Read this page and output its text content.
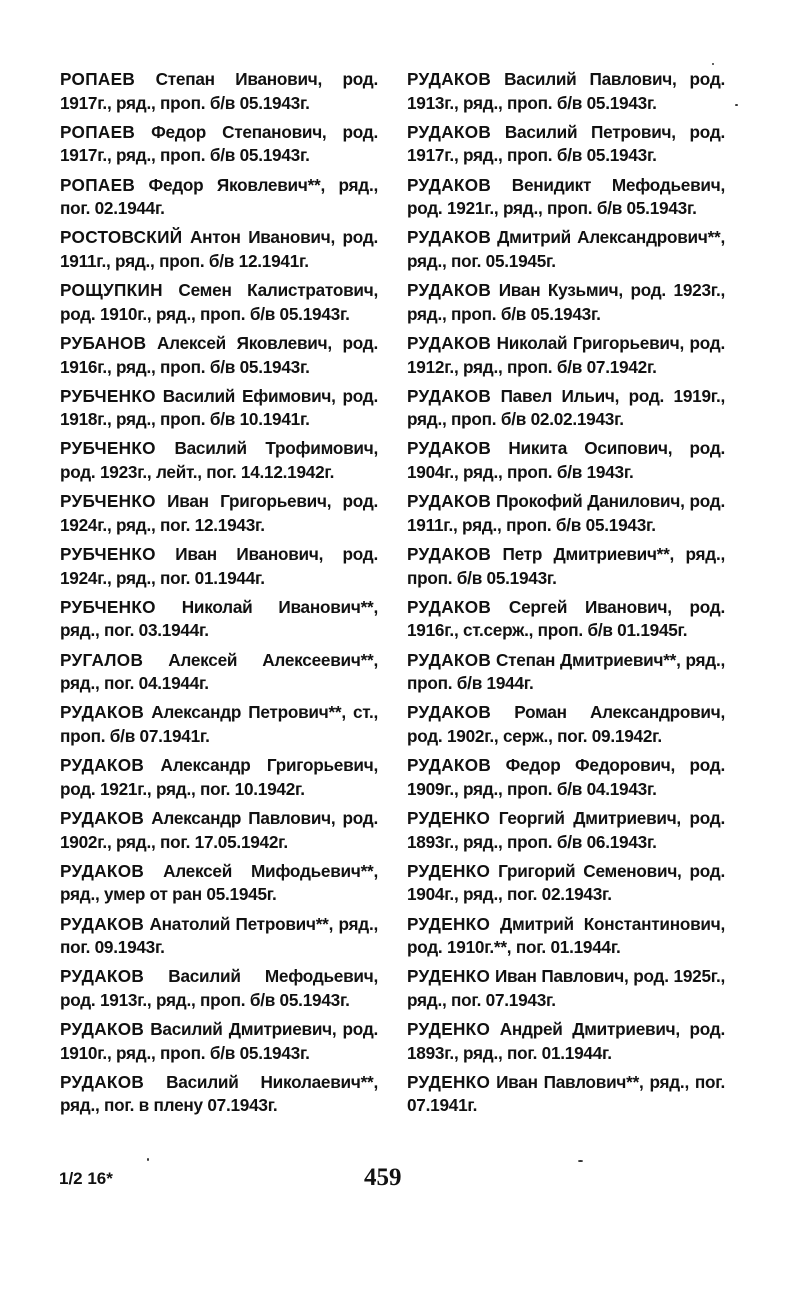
РОПАЕВ Степан Иванович, род. 1917г., ряд., проп. б/в 05.1943г.

РОПАЕВ Федор Степанович, род. 1917г., ряд., проп. б/в 05.1943г.

РОПАЕВ Федор Яковлевич**, ряд., пог. 02.1944г.

РОСТОВСКИЙ Антон Иванович, род. 1911г., ряд., проп. б/в 12.1941г.

РОЩУПКИН Семен Калистратович, род. 1910г., ряд., проп. б/в 05.1943г.

РУБАНОВ Алексей Яковлевич, род. 1916г., ряд., проп. б/в 05.1943г.

РУБЧЕНКО Василий Ефимович, род. 1918г., ряд., проп. б/в 10.1941г.

РУБЧЕНКО Василий Трофимович, род. 1923г., лейт., пог. 14.12.1942г.

РУБЧЕНКО Иван Григорьевич, род. 1924г., ряд., пог. 12.1943г.

РУБЧЕНКО Иван Иванович, род. 1924г., ряд., пог. 01.1944г.

РУБЧЕНКО Николай Иванович**, ряд., пог. 03.1944г.

РУГАЛОВ Алексей Алексеевич**, ряд., пог. 04.1944г.

РУДАКОВ Александр Петрович**, ст., проп. б/в 07.1941г.

РУДАКОВ Александр Григорьевич, род. 1921г., ряд., пог. 10.1942г.

РУДАКОВ Александр Павлович, род. 1902г., ряд., пог. 17.05.1942г.

РУДАКОВ Алексей Мифодьевич**, ряд., умер от ран 05.1945г.

РУДАКОВ Анатолий Петрович**, ряд., пог. 09.1943г.

РУДАКОВ Василий Мефодьевич, род. 1913г., ряд., проп. б/в 05.1943г.

РУДАКОВ Василий Дмитриевич, род. 1910г., ряд., проп. б/в 05.1943г.

РУДАКОВ Василий Николаевич**, ряд., пог. в плену 07.1943г.

РУДАКОВ Василий Павлович, род. 1913г., ряд., проп. б/в 05.1943г.

РУДАКОВ Василий Петрович, род. 1917г., ряд., проп. б/в 05.1943г.

РУДАКОВ Венидикт Мефодьевич, род. 1921г., ряд., проп. б/в 05.1943г.

РУДАКОВ Дмитрий Александрович**, ряд., пог. 05.1945г.

РУДАКОВ Иван Кузьмич, род. 1923г., ряд., проп. б/в 05.1943г.

РУДАКОВ Николай Григорьевич, род. 1912г., ряд., проп. б/в 07.1942г.

РУДАКОВ Павел Ильич, род. 1919г., ряд., проп. б/в 02.02.1943г.

РУДАКОВ Никита Осипович, род. 1904г., ряд., проп. б/в 1943г.

РУДАКОВ Прокофий Данилович, род. 1911г., ряд., проп. б/в 05.1943г.

РУДАКОВ Петр Дмитриевич**, ряд., проп. б/в 05.1943г.

РУДАКОВ Сергей Иванович, род. 1916г., ст.серж., проп. б/в 01.1945г.

РУДАКОВ Степан Дмитриевич**, ряд., проп. б/в 1944г.

РУДАКОВ Роман Александрович, род. 1902г., серж., пог. 09.1942г.

РУДАКОВ Федор Федорович, род. 1909г., ряд., проп. б/в 04.1943г.

РУДЕНКО Георгий Дмитриевич, род. 1893г., ряд., проп. б/в 06.1943г.

РУДЕНКО Григорий Семенович, род. 1904г., ряд., пог. 02.1943г.

РУДЕНКО Дмитрий Константинович, род. 1910г.**, пог. 01.1944г.

РУДЕНКО Иван Павлович, род. 1925г., ряд., пог. 07.1943г.

РУДЕНКО Андрей Дмитриевич, род. 1893г., ряд., пог. 01.1944г.

РУДЕНКО Иван Павлович**, ряд., пог. 07.1941г.

1/2 16*	459
